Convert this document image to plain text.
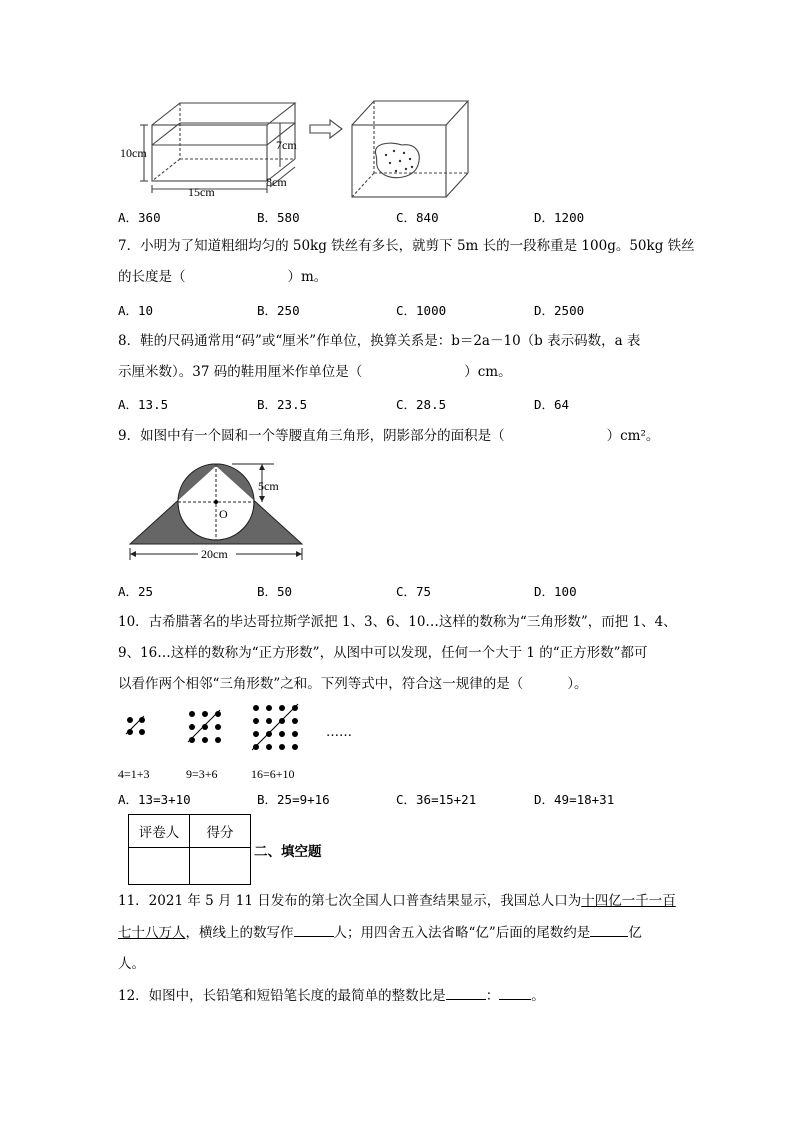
10cm
7cm
8cm
15cm
A．360	B．580	C．840	D．1200
7．小明为了知道粗细均匀的 50kg 铁丝有多长，就剪下 5m 长的一段称重是 100g。50kg 铁丝
的长度是（	）m。
A．10	B．250	C．1000	D．2500
8．鞋的尺码通常用“码”或“厘米”作单位，换算关系是：b＝2a－10（b 表示码数，a 表
示厘米数）。37 码的鞋用厘米作单位是（	）cm。
A．13.5	B．23.5	C．28.5	D．64
9．如图中有一个圆和一个等腰直角三角形，阴影部分的面积是（	）cm²。
5cm
O
20cm
A．25	B．50	C．75	D．100
10．古希腊著名的毕达哥拉斯学派把 1、3、6、10…这样的数称为“三角形数”，而把 1、4、
9、16…这样的数称为“正方形数”，从图中可以发现，任何一个大于 1 的“正方形数”都可
以看作两个相邻“三角形数”之和。下列等式中，符合这一规律的是（	）。
……
4=1+3	9=3+6	16=6+10
A．13=3+10	B．25=9+16	C．36=15+21	D．49=18+31
评卷人	得分

二、填空题
11．2021 年 5 月 11 日发布的第七次全国人口普查结果显示，我国总人口为十四亿一千一百
七十八万人，横线上的数写作	人；用四舍五入法省略“亿”后面的尾数约是	亿
人。
12．如图中，长铅笔和短铅笔长度的最简单的整数比是	： 。
